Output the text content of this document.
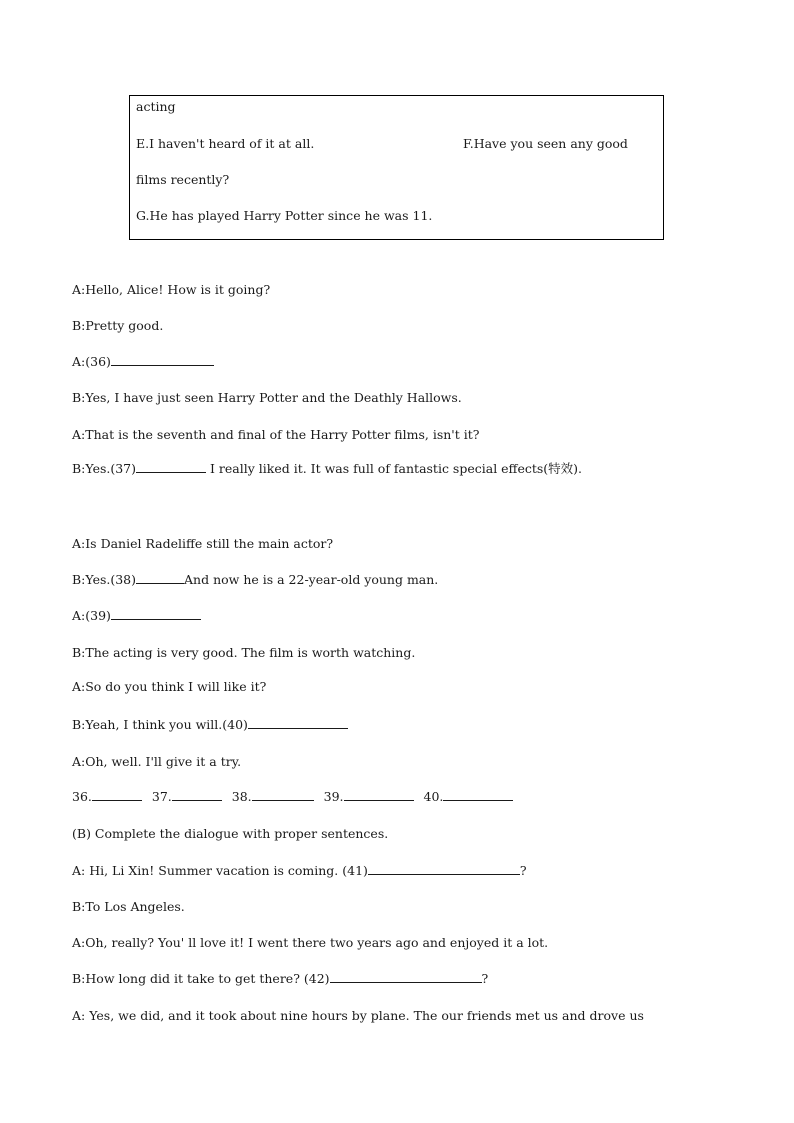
acting
E.I haven't heard of it at all.	F.Have you seen any good
films recently?
G.He has played Harry Potter since he was 11.
A:Hello, Alice! How is it going?
B:Pretty good.
A:(36)
B:Yes, I have just seen Harry Potter and the Deathly Hallows.
A:That is the seventh and final of the Harry Potter films, isn't it?
B:Yes.(37)	I really liked it. It was full of fantastic special effects(特效).
A:Is Daniel Radeliffe still the main actor?
B:Yes.(38)	And now he is a 22-year-old young man.
A:(39)
B:The acting is very good. The film is worth watching.
A:So do you think I will like it?
B:Yeah, I think you will.(40)
A:Oh, well. I'll give it a try.
36.	37.	38.	39.	40.
(B) Complete the dialogue with proper sentences.
A: Hi, Li Xin! Summer vacation is coming. (41)	?
B:To Los Angeles.
A:Oh, really? You' ll love it! I went there two years ago and enjoyed it a lot.
B:How long did it take to get there? (42)	?
A: Yes, we did, and it took about nine hours by plane. The our friends met us and drove us
